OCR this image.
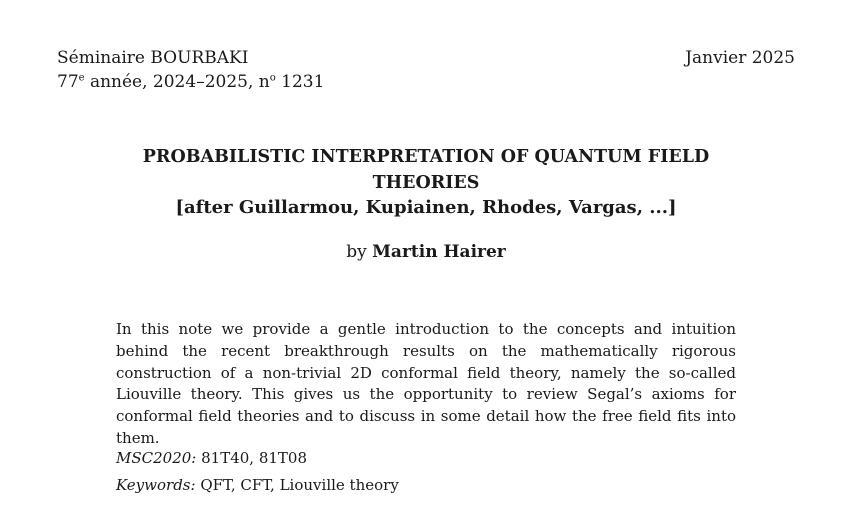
Séminaire BOURBAKI
77e année, 2024–2025, $n^o$ 1231
Janvier 2025
PROBABILISTIC INTERPRETATION OF QUANTUM FIELD
THEORIES
[after Guillarmou, Kupiainen, Rhodes, Vargas, ...]
by Martin Hairer
In this note we provide a gentle introduction to the concepts and intuition behind the recent breakthrough results on the mathematically rigorous construction of a non-trivial 2D conformal field theory, namely the so-called Liouville theory. This gives us the opportunity to review Segal’s axioms for conformal field theories and to discuss in some detail how the free field fits into them.
MSC2020: 81T40, 81T08
Keywords: QFT, CFT, Liouville theory
